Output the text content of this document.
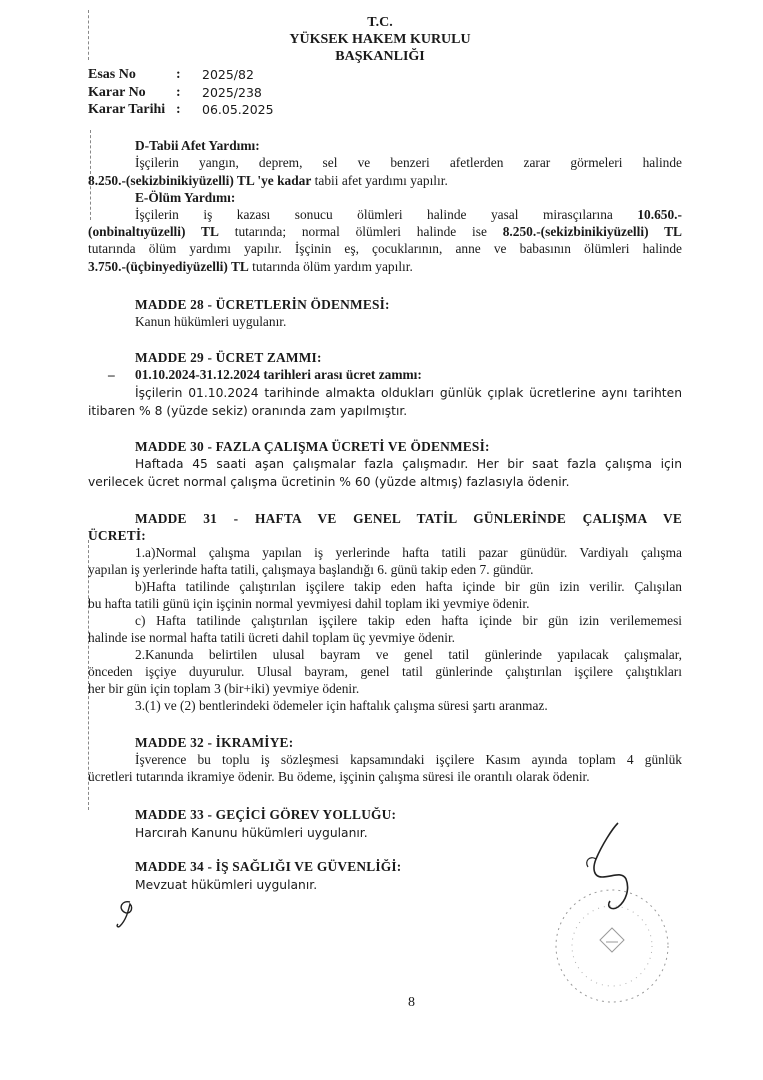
T.C.
YÜKSEK HAKEM KURULU
BAŞKANLIĞI
Esas No	:	2025/82
Karar No	:	2025/238
Karar Tarihi :	06.05.2025
D-Tabii Afet Yardımı:
İşçilerin yangın, deprem, sel ve benzeri afetlerden zarar görmeleri halinde
8.250.-(sekizbinikiyüzelli) TL 'ye kadar tabii afet yardımı yapılır.
E-Ölüm Yardımı:
İşçilerin iş kazası sonucu ölümleri halinde yasal mirasçılarına 10.650.-
(onbinaltıyüzelli) TL tutarında; normal ölümleri halinde ise 8.250.-(sekizbinikiyüzelli) TL
tutarında ölüm yardımı yapılır. İşçinin eş, çocuklarının, anne ve babasının ölümleri halinde
3.750.-(üçbinyediyüzelli) TL tutarında ölüm yardım yapılır.
MADDE 28 - ÜCRETLERİN ÖDENMESİ:
Kanun hükümleri uygulanır.
MADDE 29 - ÜCRET ZAMMI:
– 01.10.2024-31.12.2024 tarihleri arası ücret zammı:
İşçilerin 01.10.2024 tarihinde almakta oldukları günlük çıplak ücretlerine aynı tarihten
itibaren % 8 (yüzde sekiz) oranında zam yapılmıştır.
MADDE 30 - FAZLA ÇALIŞMA ÜCRETİ VE ÖDENMESİ:
Haftada 45 saati aşan çalışmalar fazla çalışmadır. Her bir saat fazla çalışma için
verilecek ücret normal çalışma ücretinin % 60 (yüzde altmış) fazlasıyla ödenir.
MADDE 31 - HAFTA VE GENEL TATİL GÜNLERİNDE ÇALIŞMA VE
ÜCRETİ:
1.a)Normal çalışma yapılan iş yerlerinde hafta tatili pazar günüdür. Vardiyalı çalışma
yapılan iş yerlerinde hafta tatili, çalışmaya başlandığı 6. günü takip eden 7. gündür.
b)Hafta tatilinde çalıştırılan işçilere takip eden hafta içinde bir gün izin verilir. Çalışılan
bu hafta tatili günü için işçinin normal yevmiyesi dahil toplam iki yevmiye ödenir.
c) Hafta tatilinde çalıştırılan işçilere takip eden hafta içinde bir gün izin verilememesi
halinde ise normal hafta tatili ücreti dahil toplam üç yevmiye ödenir.
2.Kanunda belirtilen ulusal bayram ve genel tatil günlerinde yapılacak çalışmalar,
önceden işçiye duyurulur. Ulusal bayram, genel tatil günlerinde çalıştırılan işçilere çalıştıkları
her bir gün için toplam 3 (bir+iki) yevmiye ödenir.
3.(1) ve (2) bentlerindeki ödemeler için haftalık çalışma süresi şartı aranmaz.
MADDE 32 - İKRAMİYE:
İşverence bu toplu iş sözleşmesi kapsamındaki işçilere Kasım ayında toplam 4 günlük
ücretleri tutarında ikramiye ödenir. Bu ödeme, işçinin çalışma süresi ile orantılı olarak ödenir.
MADDE 33 - GEÇİCİ GÖREV YOLLUĞU:
Harcırah Kanunu hükümleri uygulanır.
MADDE 34 - İŞ SAĞLIĞI VE GÜVENLİĞİ:
Mevzuat hükümleri uygulanır.
8
